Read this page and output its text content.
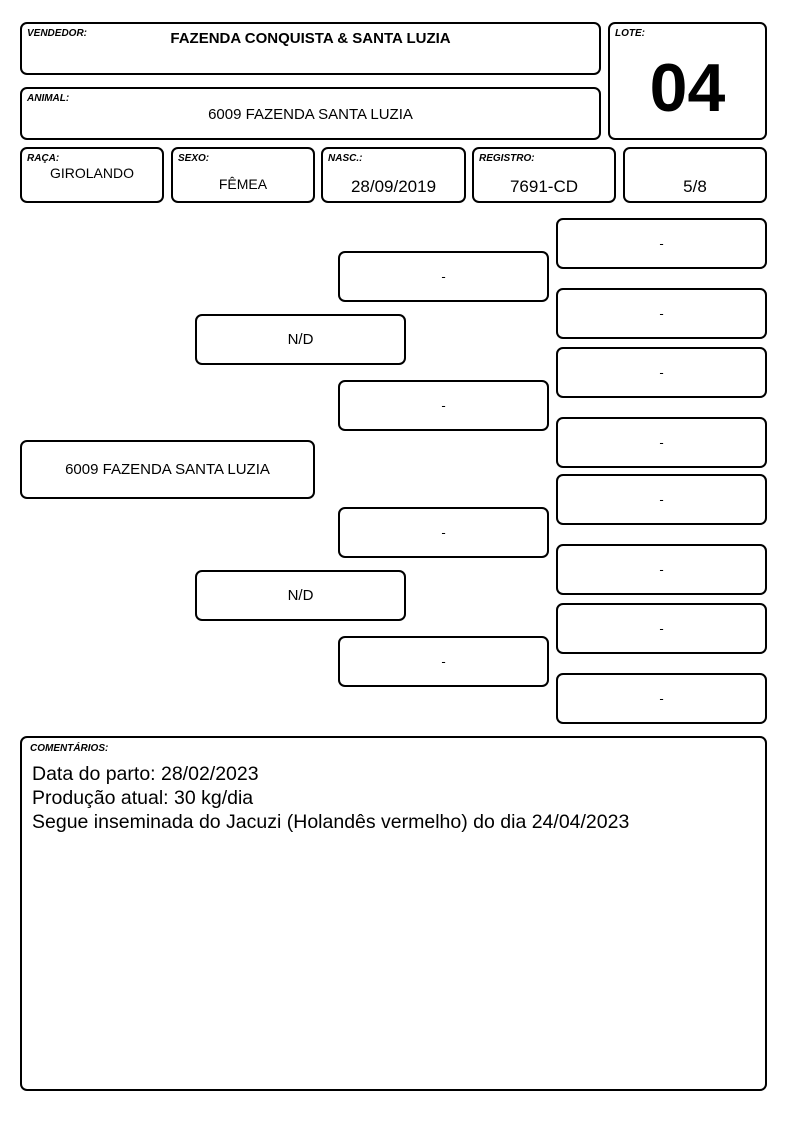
VENDEDOR:	FAZENDA CONQUISTA & SANTA LUZIA	LOTE:
04
ANIMAL:
6009 FAZENDA SANTA LUZIA
RAÇA:
GIROLANDO
SEXO:
FÊMEA
NASC.:
28/09/2019
REGISTRO:
7691-CD	5/8
6009 FAZENDA SANTA LUZIA
N/D
N/D
-
-
-
-
-
-
-
-
-
-
-
-
COMENTÁRIOS:
Data do parto: 28/02/2023
Produção atual: 30 kg/dia
Segue inseminada do Jacuzi (Holandês vermelho) do dia 24/04/2023
